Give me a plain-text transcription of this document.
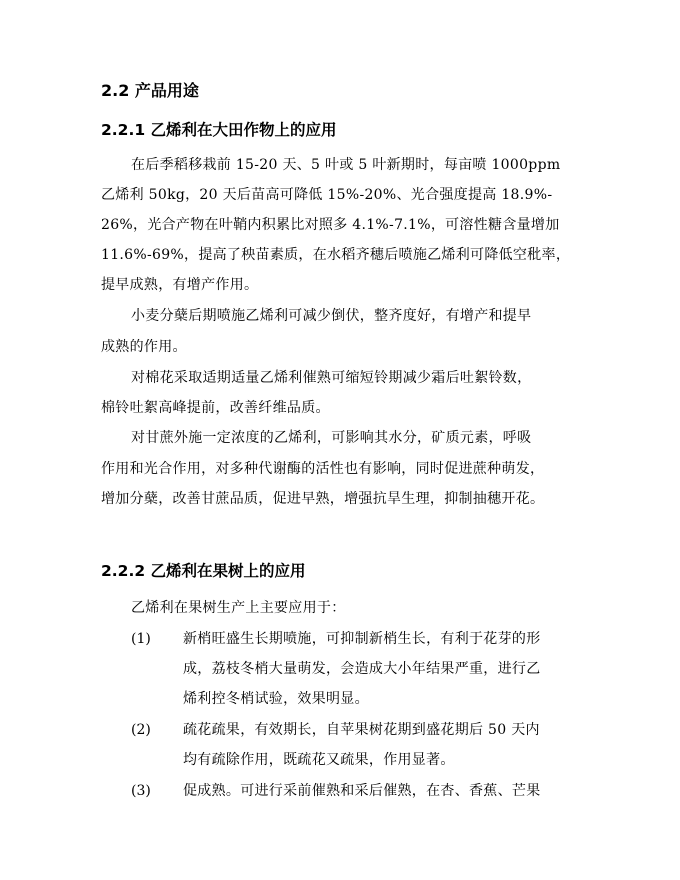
2.2 产品用途
2.2.1 乙烯利在大田作物上的应用
在后季稻移栽前 15-20 天、5 叶或 5 叶新期时，每亩喷 1000ppm
乙烯利 50kg，20 天后苗高可降低 15%-20%、光合强度提高 18.9%-
26%，光合产物在叶鞘内积累比对照多 4.1%-7.1%，可溶性糖含量增加
11.6%-69%，提高了秧苗素质，在水稻齐穗后喷施乙烯利可降低空秕率，
提早成熟，有增产作用。
小麦分蘖后期喷施乙烯利可减少倒伏，整齐度好，有增产和提早
成熟的作用。
对棉花采取适期适量乙烯利催熟可缩短铃期减少霜后吐絮铃数，
棉铃吐絮高峰提前，改善纤维品质。
对甘蔗外施一定浓度的乙烯利，可影响其水分，矿质元素，呼吸
作用和光合作用，对多种代谢酶的活性也有影响，同时促进蔗种萌发，
增加分蘖，改善甘蔗品质，促进早熟，增强抗旱生理，抑制抽穗开花。
2.2.2 乙烯利在果树上的应用
乙烯利在果树生产上主要应用于：
(1) 新梢旺盛生长期喷施，可抑制新梢生长，有利于花芽的形
成，荔枝冬梢大量萌发，会造成大小年结果严重，进行乙
烯利控冬梢试验，效果明显。
(2) 疏花疏果，有效期长，自苹果树花期到盛花期后 50 天内
均有疏除作用，既疏花又疏果，作用显著。
(3) 促成熟。可进行采前催熟和采后催熟，在杏、香蕉、芒果
